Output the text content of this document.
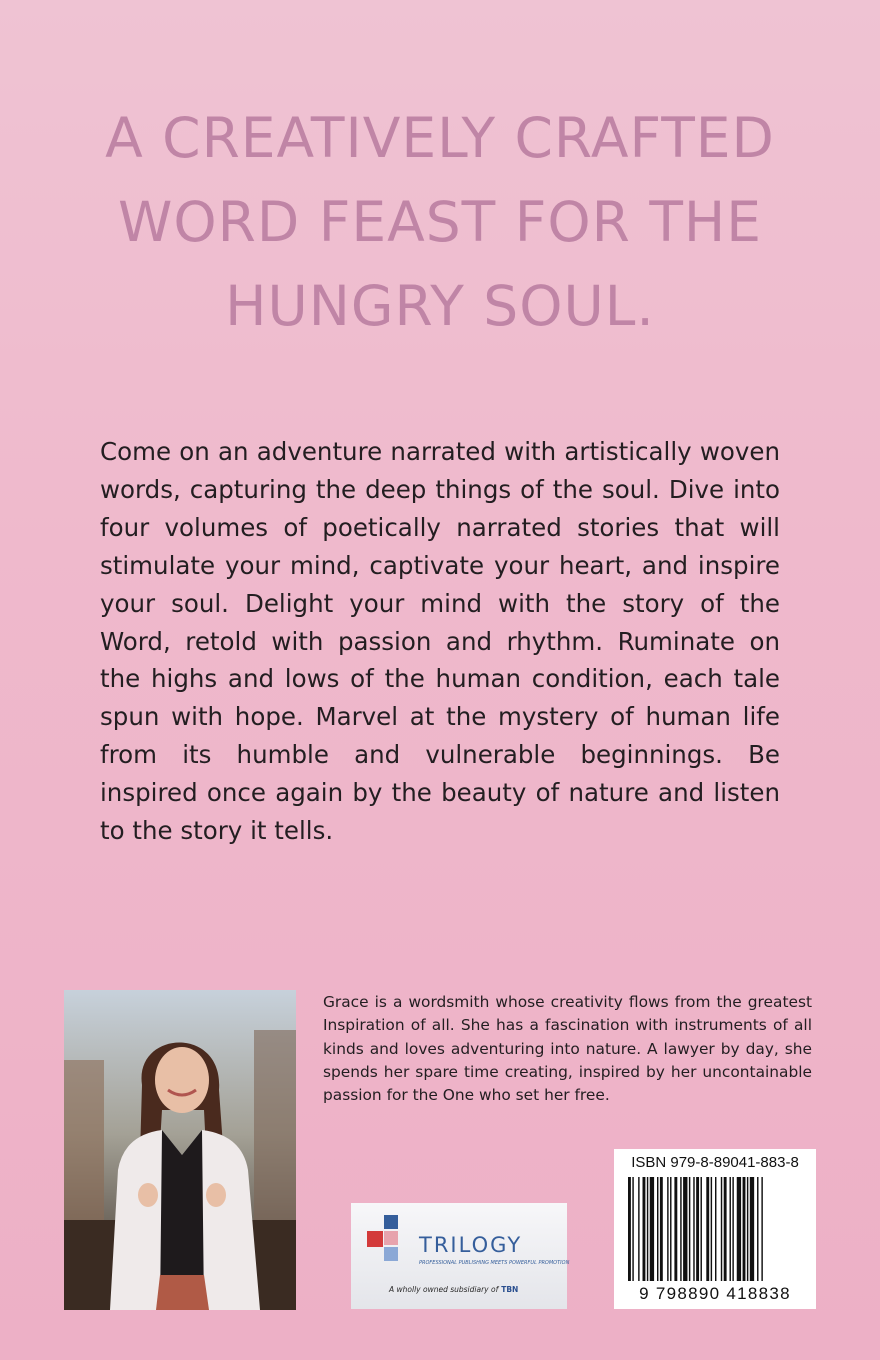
A CREATIVELY CRAFTED
WORD FEAST FOR THE
HUNGRY SOUL.

Come on an adventure narrated with artistically woven words, capturing the deep things of the soul. Dive into four volumes of poetically narrated stories that will stimulate your mind, captivate your heart, and inspire your soul. Delight your mind with the story of the Word, retold with passion and rhythm. Ruminate on the highs and lows of the human condition, each tale spun with hope. Marvel at the mystery of human life from its humble and vulnerable beginnings. Be inspired once again by the beauty of nature and listen to the story it tells.

Grace is a wordsmith whose creativity flows from the greatest Inspiration of all. She has a fascination with instruments of all kinds and loves adventuring into nature. A lawyer by day, she spends her spare time creating, inspired by her uncontainable passion for the One who set her free.

TRILOGY
PROFESSIONAL PUBLISHING MEETS POWERFUL PROMOTION
A wholly owned subsidiary of TBN
ISBN 979-8-89041-883-8
9 798890 418838
